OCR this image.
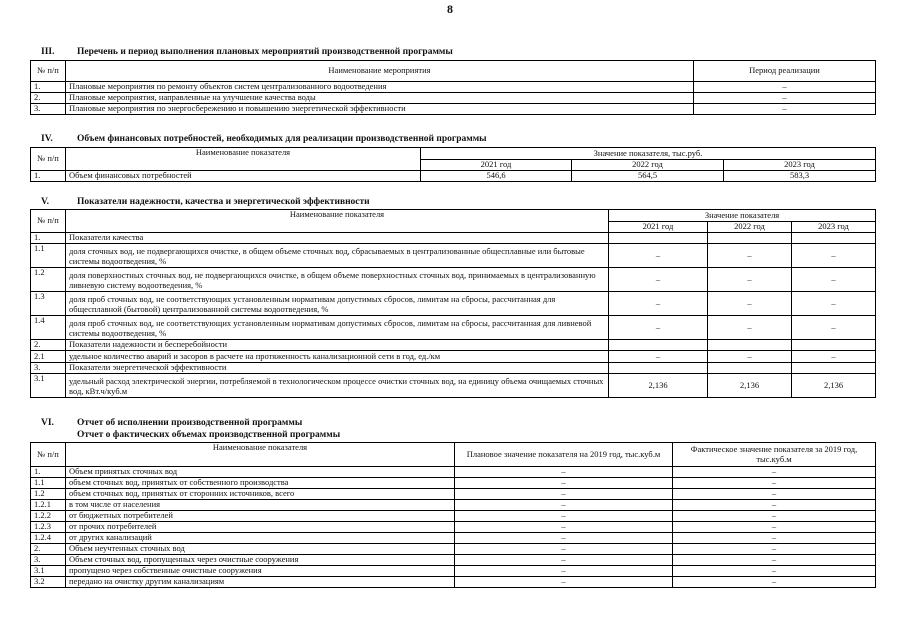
8
III. Перечень и период выполнения плановых мероприятий производственной программы
№ п/п	Наименование мероприятия	Период реализации
1.	Плановые мероприятия по ремонту объектов систем централизованного водоотведения	–
2.	Плановые мероприятия, направленные на улучшение качества воды	–
3.	Плановые мероприятия по энергосбережению и повышению энергетической эффективности	–
IV.	Объем финансовых потребностей, необходимых для реализации производственной программы
№ п/п	Наименование показателя	Значение показателя, тыс.руб.		
		2021 год	2022 год	2023 год
1.	Объем финансовых потребностей	546,6	564,5	583,3
V.	Показатели надежности, качества и энергетической эффективности
№ п/п	Наименование показателя	Значение показателя		
		2021 год	2022 год	2023 год
1.	Показатели качества			
1.1	доля сточных вод, не подвергающихся очистке, в общем объеме сточных вод, сбрасываемых в централизованные общесплавные или бытовые системы водоотведения, %	–	–	–
1.2	доля поверхностных сточных вод, не подвергающихся очистке, в общем объеме поверхностных сточных вод, принимаемых в централизованную ливневую систему водоотведения, %	–	–	–
1.3	доля проб сточных вод, не соответствующих установленным нормативам допустимых сбросов, лимитам на сбросы, рассчитанная для общесплавной (бытовой) централизованной системы водоотведения, %	–	–	–
1.4	доля проб сточных вод, не соответствующих установленным нормативам допустимых сбросов, лимитам на сбросы, рассчитанная для ливневой системы водоотведения, %	–	–	–
2.	Показатели надежности и бесперебойности			
2.1	удельное количество аварий и засоров в расчете на протяженность канализационной сети в год, ед./км	–	–	–
3.	Показатели энергетической эффективности			
3.1	удельный расход электрической энергии, потребляемой в технологическом процессе очистки сточных вод, на единицу объема очищаемых сточных вод, кВт.ч/куб.м	2,136	2,136	2,136
VI. Отчет об исполнении производственной программы
Отчет о фактических объемах производственной программы
№ п/п	Наименование показателя	Плановое значение показателя на 2019 год, тыс.куб.м	Фактическое значение показателя за 2019 год, тыс.куб.м
1.	Объем принятых сточных вод	–	–
1.1	объем сточных вод, принятых от собственного производства	–	–
1.2	объем сточных вод, принятых от сторонних источников, всего	–	–
1.2.1	в том числе от населения	–	–
1.2.2	от бюджетных потребителей	–	–
1.2.3	от прочих потребителей	–	–
1.2.4	от других канализаций	–	–
2.	Объем неучтенных сточных вод	–	–
3.	Объем сточных вод, пропущенных через очистные сооружения	–	–
3.1	пропущено через собственные очистные сооружения	–	–
3.2	передано на очистку другим канализациям	–	–
